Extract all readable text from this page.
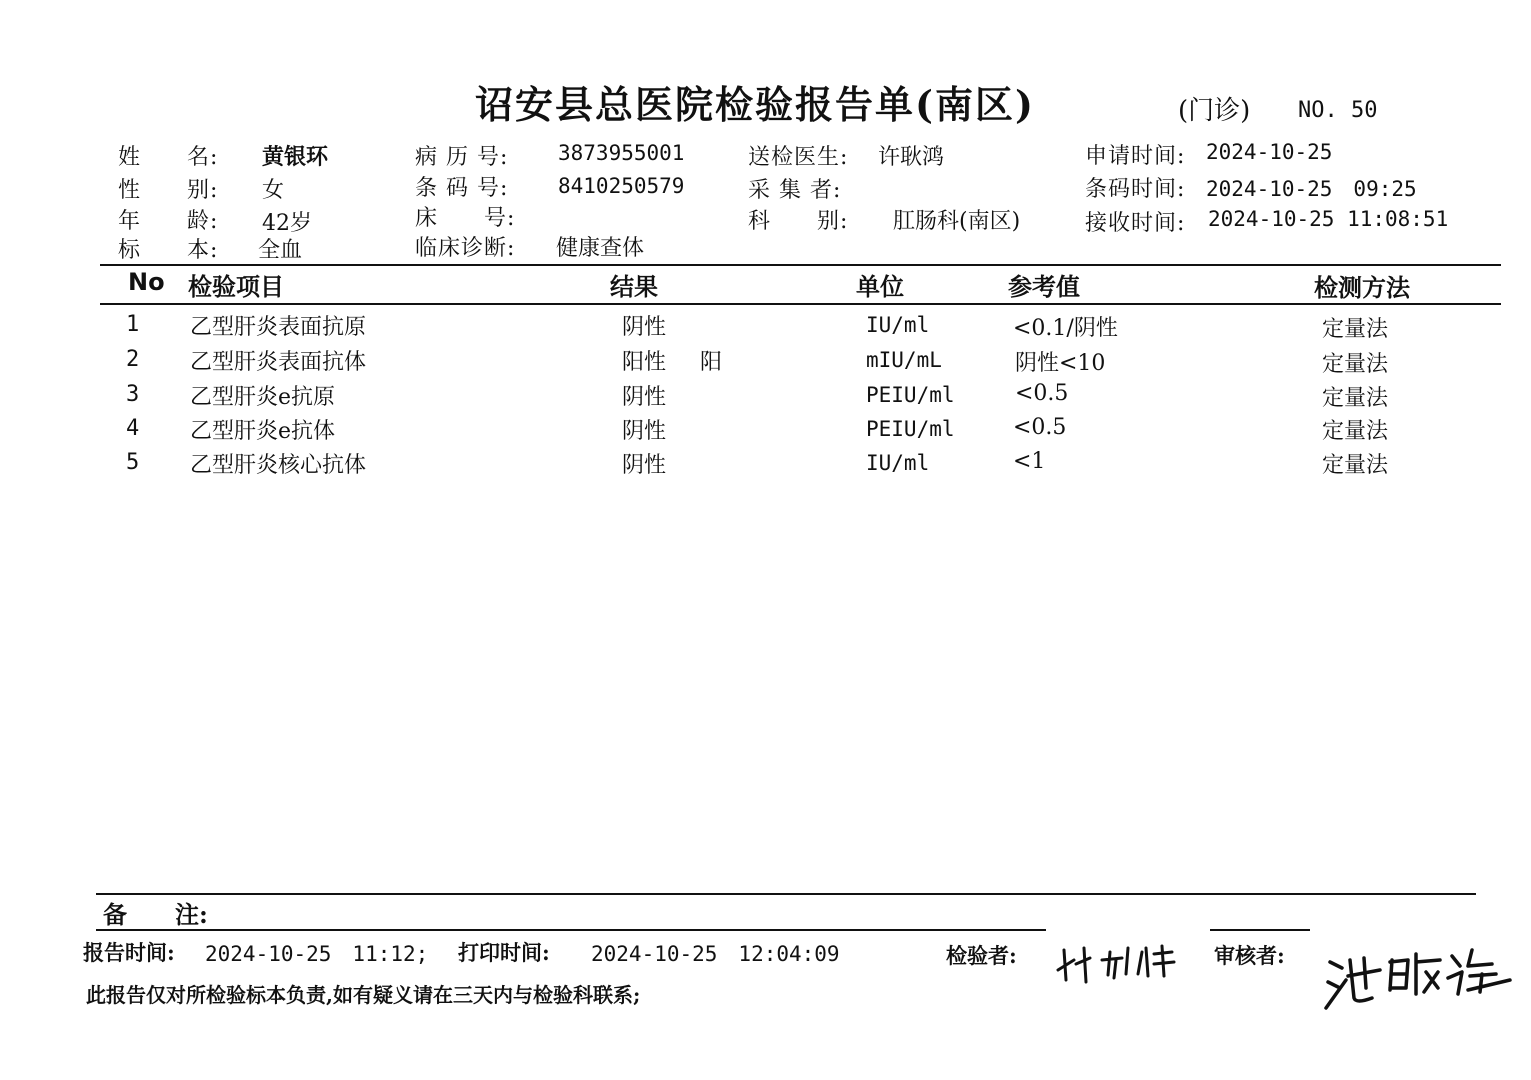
诏安县总医院检验报告单(南区)	(门诊) NO. 50
姓　　名: 黄银环
性　　别: 女
年　　龄: 42岁
标　　本: 全血
病 历 号: 3873955001
条 码 号: 8410250579
床　　号:
临床诊断: 健康查体
送检医生: 许耿鸿
采 集 者:
科　　别: 肛肠科(南区)
申请时间: 2024-10-25
条码时间: 2024-10-25　09:25
接收时间: 2024-10-25 11:08:51
No 检验项目	结果	单位	参考值	检测方法
1 乙型肝炎表面抗原	阴性	IU/ml	<0.1/阴性	定量法
2 乙型肝炎表面抗体	阳性 阳	mIU/mL	阴性<10	定量法
3 乙型肝炎e抗原	阴性	PEIU/ml	<0.5	定量法
4 乙型肝炎e抗体	阴性	PEIU/ml	<0.5	定量法
5 乙型肝炎核心抗体	阴性	IU/ml	<1	定量法
备　　注:
报告时间: 2024-10-25　11:12; 打印时间: 2024-10-25　12:04:09	检验者:	审核者:
此报告仅对所检验标本负责,如有疑义请在三天内与检验科联系;
